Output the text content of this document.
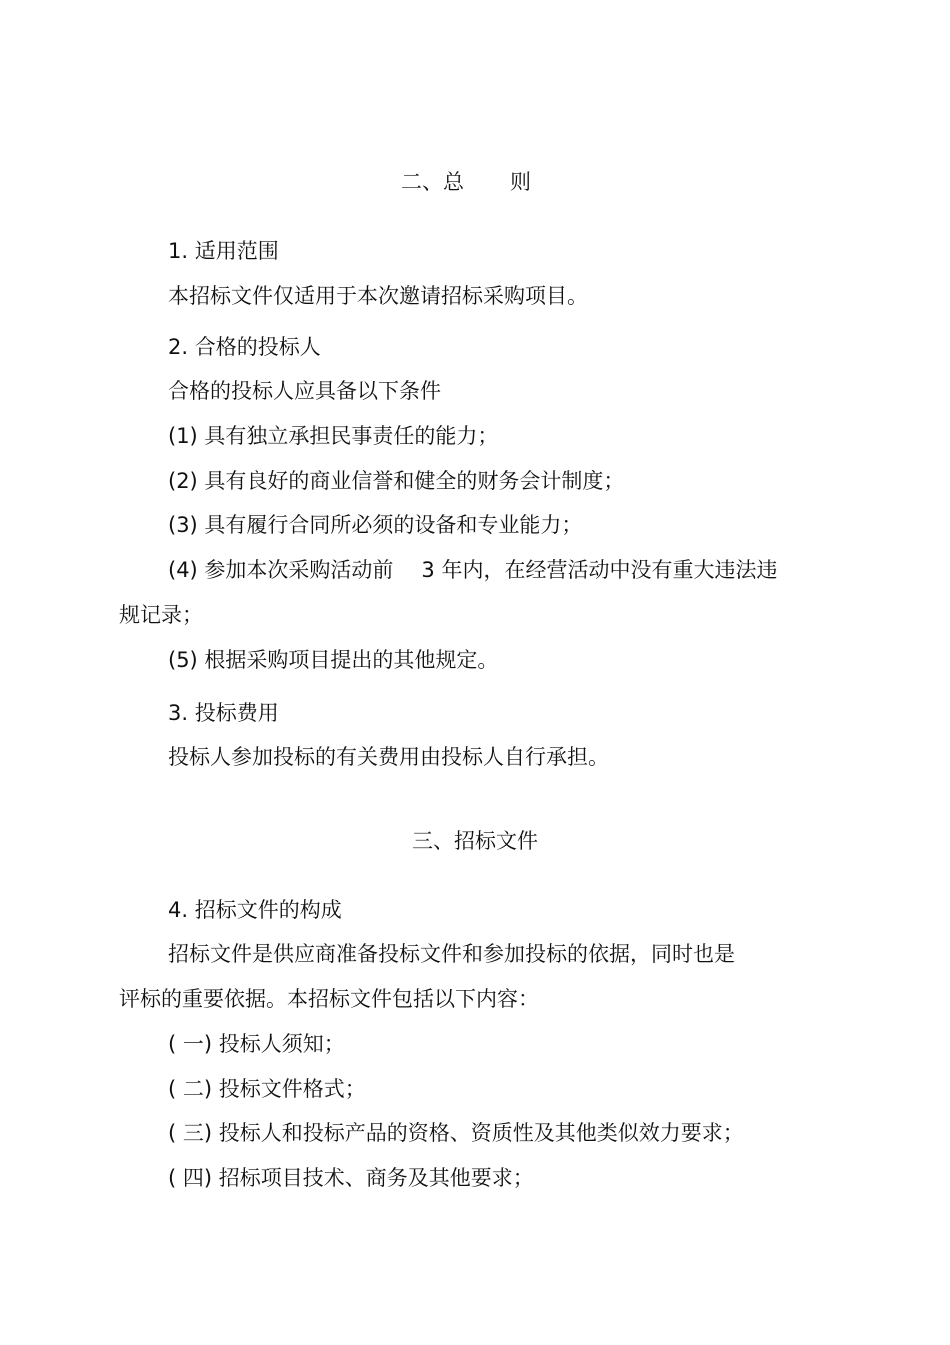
二、总 则
1. 适用范围
本招标文件仅适用于本次邀请招标采购项目。
2. 合格的投标人
合格的投标人应具备以下条件
(1) 具有独立承担民事责任的能力；
(2) 具有良好的商业信誉和健全的财务会计制度；
(3) 具有履行合同所必须的设备和专业能力；
(4) 参加本次采购活动前 3 年内，在经营活动中没有重大违法违
规记录；
(5) 根据采购项目提出的其他规定。
3. 投标费用
投标人参加投标的有关费用由投标人自行承担。
三、招标文件
4. 招标文件的构成
招标文件是供应商准备投标文件和参加投标的依据，同时也是
评标的重要依据。本招标文件包括以下内容：
( 一) 投标人须知；
( 二) 投标文件格式；
( 三) 投标人和投标产品的资格、资质性及其他类似效力要求；
( 四) 招标项目技术、商务及其他要求；
